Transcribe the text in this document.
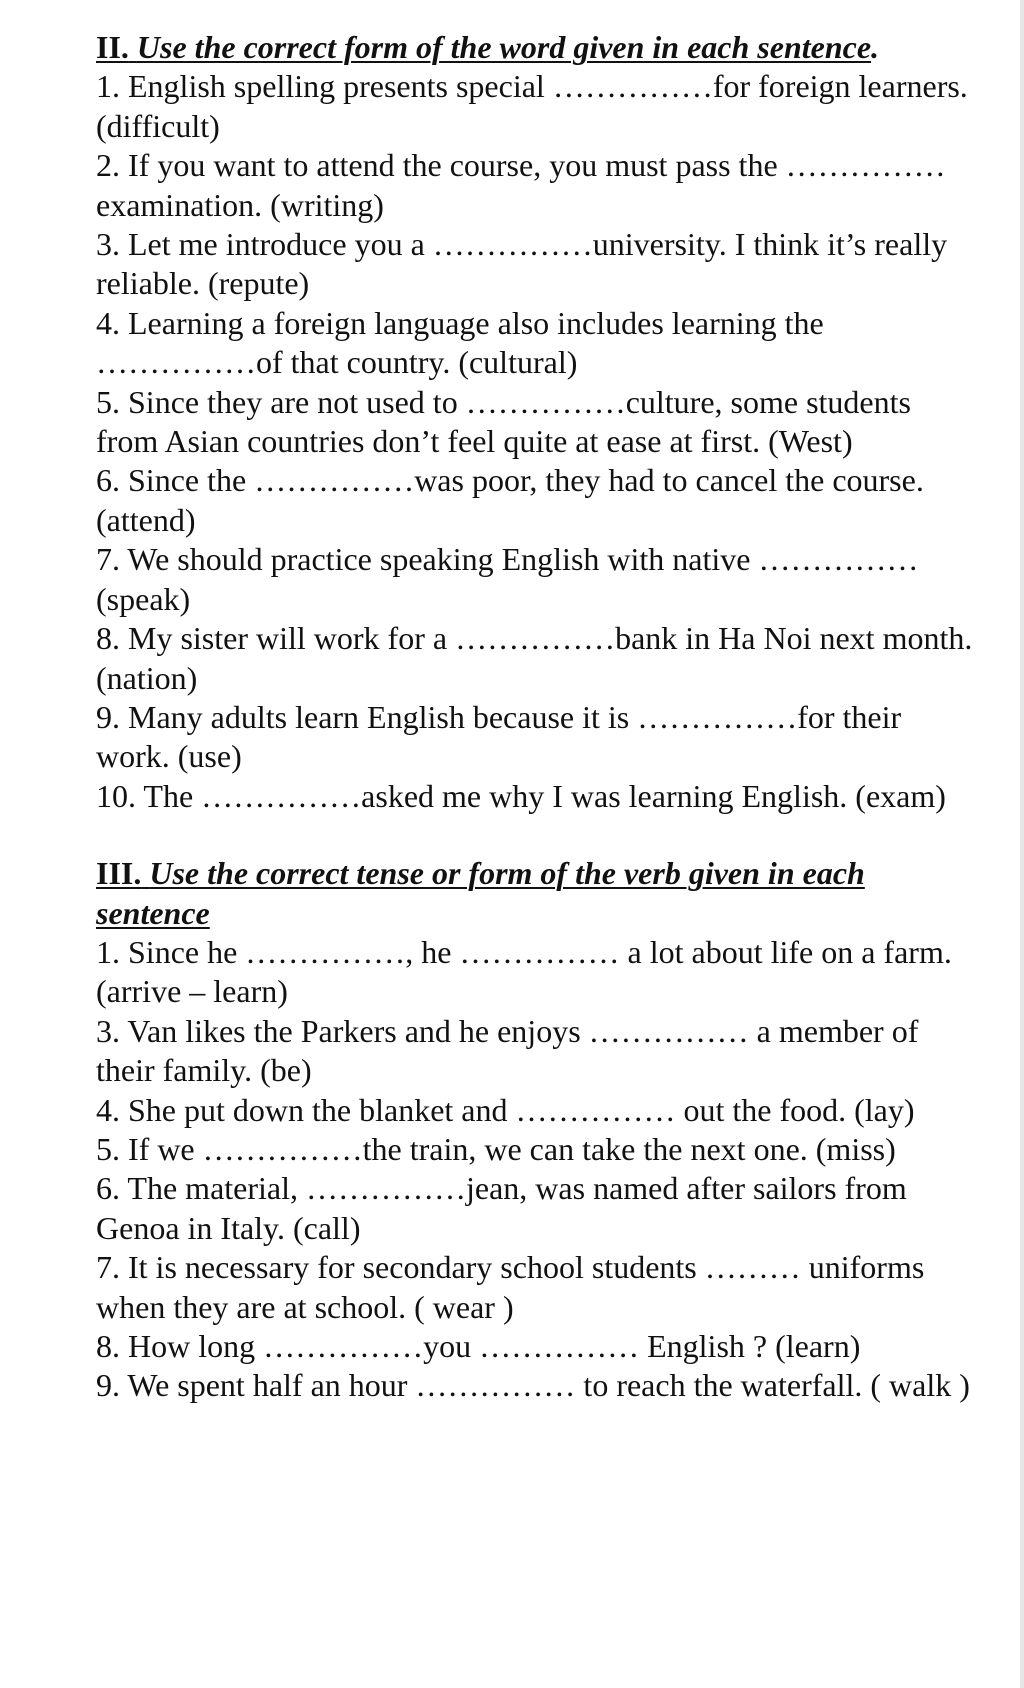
II. Use the correct form of the word given in each sentence.

1. English spelling presents special ……………for foreign learners. (difficult)

2. If you want to attend the course, you must pass the ……………examination. (writing)

3. Let me introduce you a ……………university. I think it’s really reliable. (repute)

4. Learning a foreign language also includes learning the ……………of that country. (cultural)

5. Since they are not used to ……………culture, some students from Asian countries don’t feel quite at ease at first. (West)

6. Since the ……………was poor, they had to cancel the course. (attend)

7. We should practice speaking English with native …………… (speak)

8. My sister will work for a ……………bank in Ha Noi next month. (nation)

9. Many adults learn English because it is ……………for their work. (use)

10. The ……………asked me why I was learning English. (exam)

III. Use the correct tense or form of the verb given in each sentence

1. Since he ……………, he …………… a lot about life on a farm. (arrive – learn)

3. Van likes the Parkers and he enjoys …………… a member of their family. (be)

4. She put down the blanket and …………… out the food. (lay)

5. If we ……………the train, we can take the next one. (miss)

6. The material, ……………jean, was named after sailors from Genoa in Italy. (call)

7. It is necessary for secondary school students ……… uniforms when they are at school. ( wear )

8. How long ……………you …………… English ? (learn)

9. We spent half an hour …………… to reach the waterfall. ( walk )
